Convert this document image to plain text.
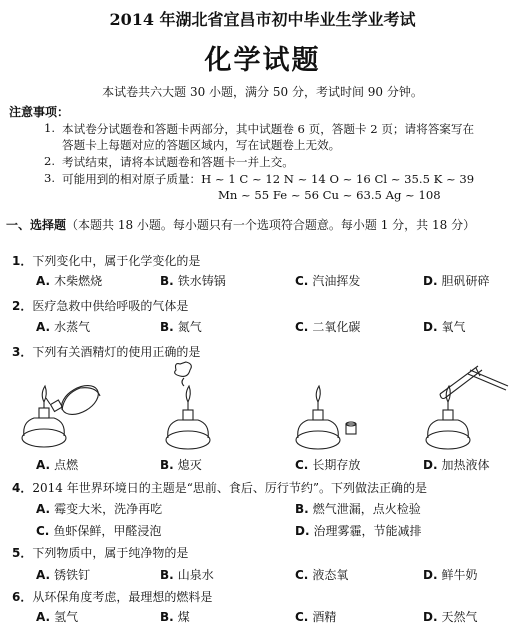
2014 年湖北省宜昌市初中毕业生学业考试
化学试题
本试卷共六大题 30 小题，满分 50 分，考试时间 90 分钟。
注意事项：
1. 本试卷分试题卷和答题卡两部分，其中试题卷 6 页，答题卡 2 页；请将答案写在
答题卡上每题对应的答题区域内，写在试题卷上无效。
2. 考试结束，请将本试题卷和答题卡一并上交。
3. 可能用到的相对原子质量：H ~ 1 C ~ 12 N ~ 14 O ~ 16 Cl ~ 35.5 K ~ 39
Mn ~ 55 Fe ~ 56 Cu ~ 63.5 Ag ~ 108
一、选择题（本题共 18 小题。每小题只有一个选项符合题意。每小题 1 分，共 18 分）
1．下列变化中，属于化学变化的是
A. 木柴燃烧	B. 铁水铸锅	C. 汽油挥发	D. 胆矾研碎
2．医疗急救中供给呼吸的气体是
A. 水蒸气	B. 氮气	C. 二氧化碳	D. 氧气
3．下列有关酒精灯的使用正确的是
A. 点燃	B. 熄灭	C. 长期存放	D. 加热液体
4．2014 年世界环境日的主题是“思前、食后、厉行节约”。下列做法正确的是
A. 霉变大米，洗净再吃	B. 燃气泄漏，点火检验
C. 鱼虾保鲜，甲醛浸泡	D. 治理雾霾，节能减排
5．下列物质中，属于纯净物的是
A. 锈铁钉	B. 山泉水	C. 液态氧	D. 鲜牛奶
6．从环保角度考虑，最理想的燃料是
A. 氢气	B. 煤	C. 酒精	D. 天然气
